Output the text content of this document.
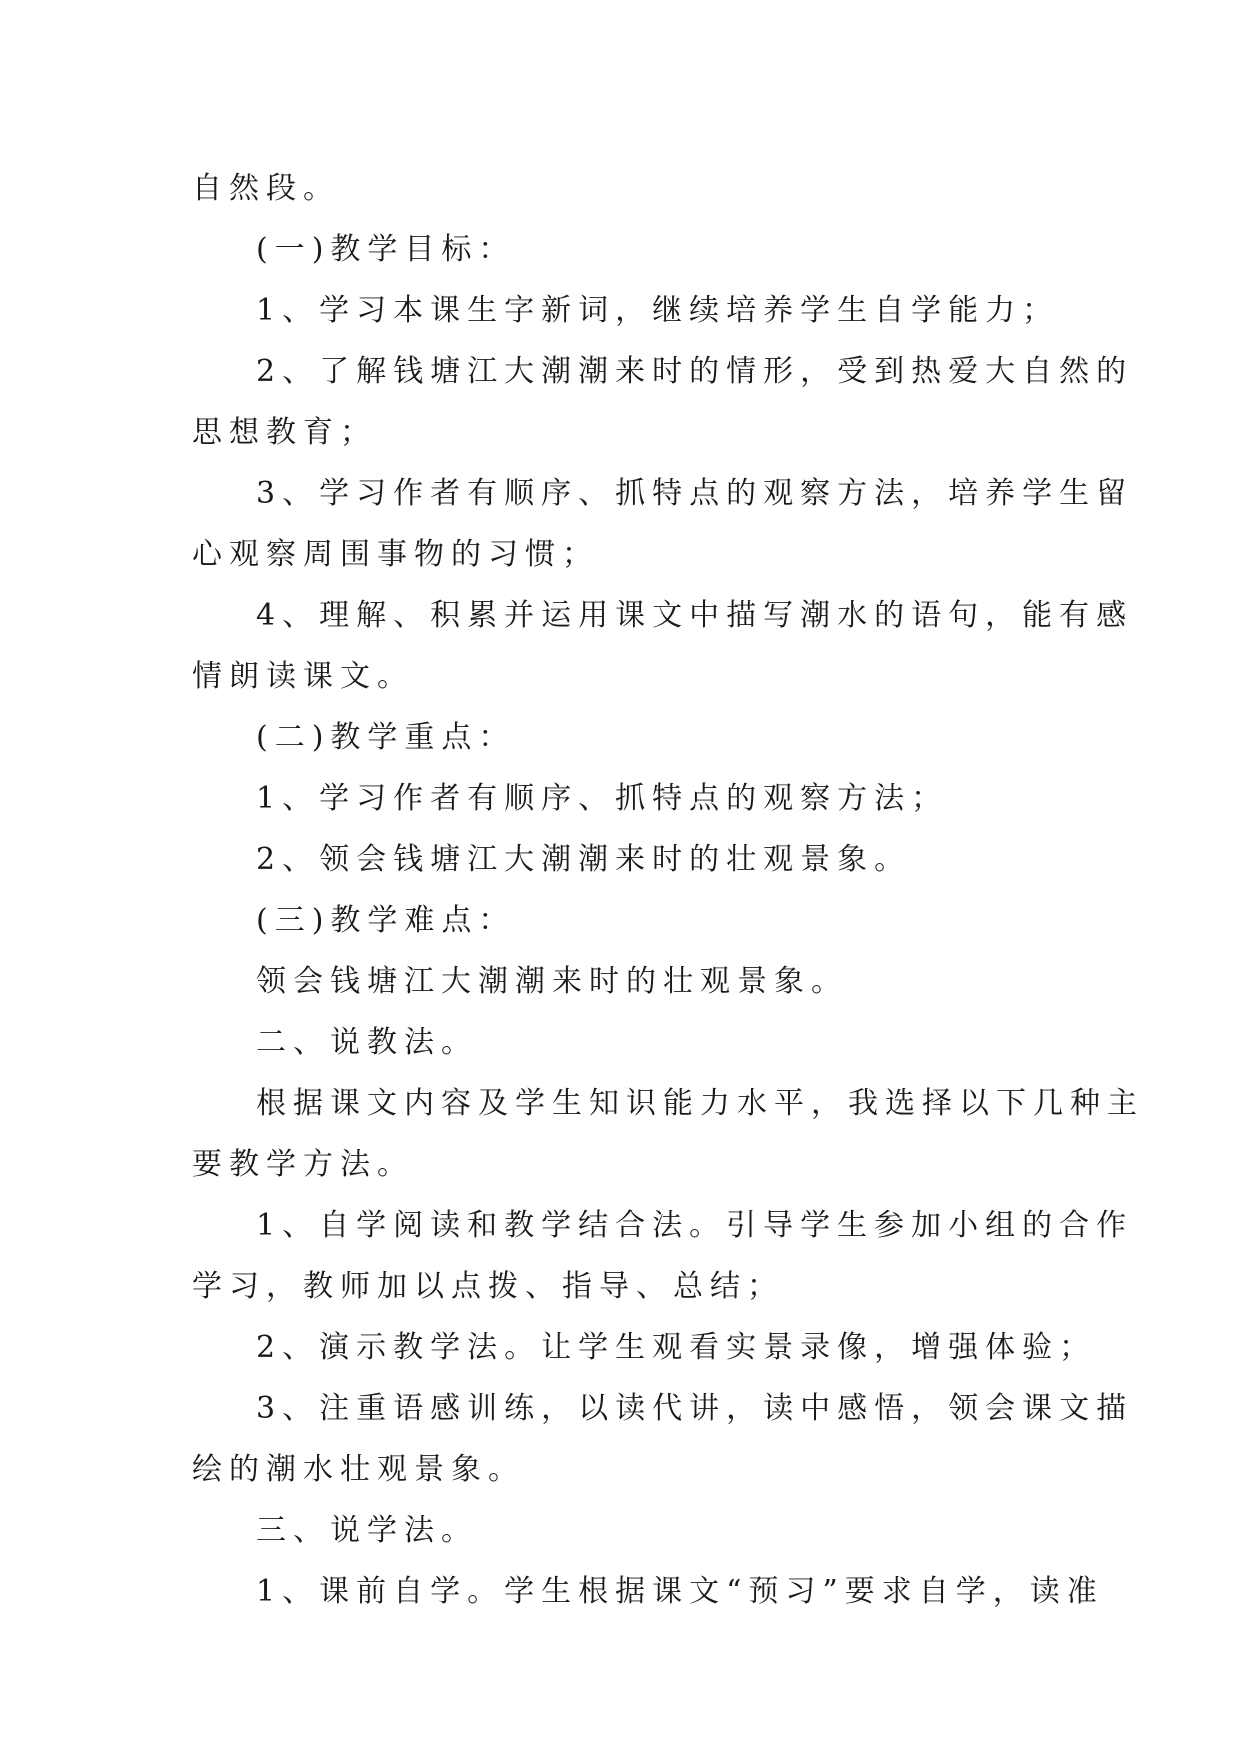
自然段。
(一)教学目标：
1、学习本课生字新词，继续培养学生自学能力；
2、了解钱塘江大潮潮来时的情形，受到热爱大自然的
思想教育；
3、学习作者有顺序、抓特点的观察方法，培养学生留
心观察周围事物的习惯；
4、理解、积累并运用课文中描写潮水的语句，能有感
情朗读课文。
(二)教学重点：
1、学习作者有顺序、抓特点的观察方法；
2、领会钱塘江大潮潮来时的壮观景象。
(三)教学难点：
领会钱塘江大潮潮来时的壮观景象。
二、说教法。
根据课文内容及学生知识能力水平，我选择以下几种主
要教学方法。
1、自学阅读和教学结合法。引导学生参加小组的合作
学习，教师加以点拨、指导、总结；
2、演示教学法。让学生观看实景录像，增强体验；
3、注重语感训练，以读代讲，读中感悟，领会课文描
绘的潮水壮观景象。
三、说学法。
1、课前自学。学生根据课文“预习”要求自学，读准
